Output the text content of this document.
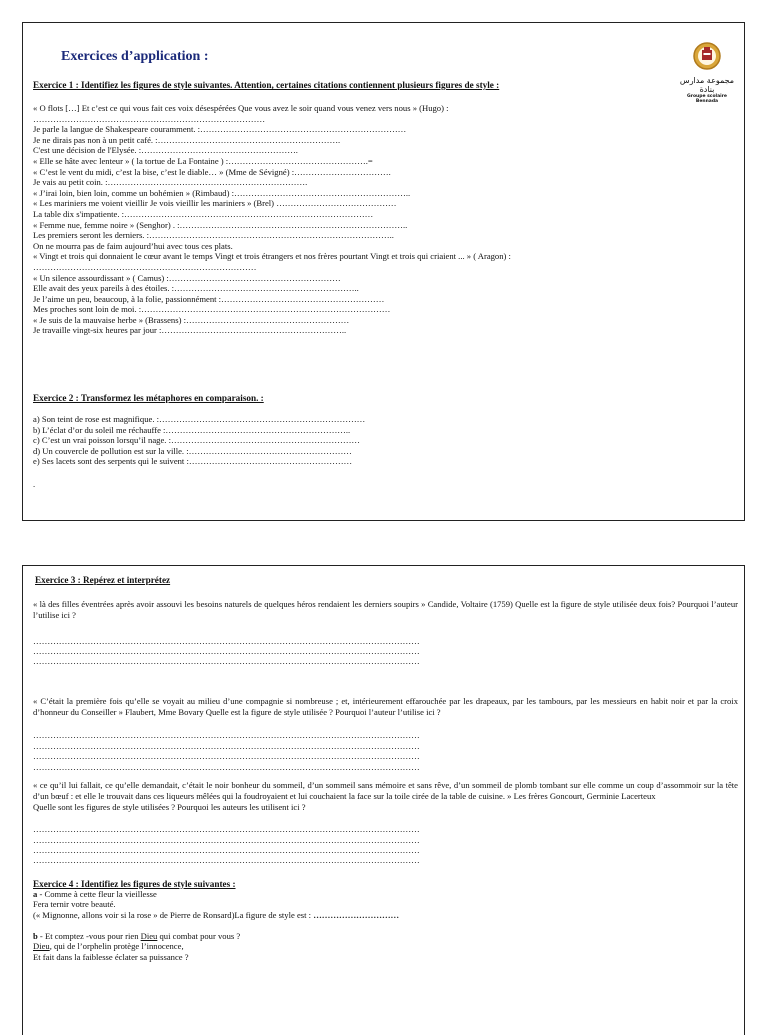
Exercices d’application :
مجموعة مدارس بنادة
Groupe scolaire Bennada
Exercice 1 : Identifiez les figures de style suivantes. Attention, certaines citations contiennent plusieurs figures de style :
« O flots […] Et c’est ce qui vous fait ces voix désespérées Que vous avez le soir quand vous venez vers nous » (Hugo) :
………………………………………………………………………
Je parle la langue de Shakespeare couramment. :………………………………………………………………
Je ne dirais pas non à un petit café. :……………………………………………………….
C'est une décision de l'Elysée. :……………………………………………….
« Elle se hâte avec lenteur » ( la tortue de La Fontaine ) :………………………………………….=
« C’est le vent du midi, c’est la bise, c’est le diable… » (Mme de Sévigné) :…………………………….
Je vais au petit coin. :…………………………………………………………….
« J’irai loin, bien loin, comme un bohémien » (Rimbaud) :……………………………………………………..
« Les mariniers me voient vieillir Je vois vieillir les mariniers » (Brel) ……………………………………
La table dix s'impatiente. :……………………………………………………………………………
« Femme nue, femme noire » (Senghor) . :……………………………………………………………………..
Les premiers seront les derniers. :…………………………………………………………………………..
On ne mourra pas de faim aujourd’hui avec tous ces plats.
« Vingt et trois qui donnaient le cœur avant le temps Vingt et trois étrangers et nos frères pourtant Vingt et trois qui criaient ... » ( Aragon) :
……………………………………………………………………
« Un silence assourdissant » ( Camus) :……………………………………………………
Elle avait des yeux pareils à des étoiles. :………………………………………………………..
Je l’aime un peu, beaucoup, à la folie, passionnément :…………………………………………………
Mes proches sont loin de moi. :……………………………………………………………………………
« Je suis de la mauvaise herbe » (Brassens) :…………………………………………………
Je travaille vingt-six heures par jour :………………………………………………………..
Exercice 2 : Transformez les métaphores en comparaison. :
a) Son teint de rose est magnifique. :………………………………………………………………
b) L’éclat d’or du soleil me réchauffe :………………………………………………………..
c) C’est un vrai poisson lorsqu’il nage. :…………………………………………………………
d) Un couvercle de pollution est sur la ville. :…………………………………………………
e) Ses lacets sont des serpents qui le suivent :…………………………………………………
.
Exercice 3 : Repérez et interprétez
« là des filles éventrées après avoir assouvi les besoins naturels de quelques héros rendaient les derniers soupirs » Candide, Voltaire (1759) Quelle est la figure de style utilisée deux fois? Pourquoi l’auteur l’utilise ici ?
………………………………………………………………………………………………………………………
………………………………………………………………………………………………………………………
………………………………………………………………………………………………………………………
« C’était la première fois qu’elle se voyait au milieu d’une compagnie si nombreuse ; et, intérieurement effarouchée par les drapeaux, par les tambours, par les messieurs en habit noir et par la croix d’honneur du Conseiller » Flaubert, Mme Bovary Quelle est la figure de style utilisée ? Pourquoi l’auteur l’utilise ici ?
………………………………………………………………………………………………………………………
………………………………………………………………………………………………………………………
………………………………………………………………………………………………………………………
………………………………………………………………………………………………………………………
« ce qu’il lui fallait, ce qu’elle demandait, c’était le noir bonheur du sommeil, d’un sommeil sans mémoire et sans rêve, d’un sommeil de plomb tombant sur elle comme un coup d’assommoir sur la tête d’un bœuf : et elle le trouvait dans ces liqueurs mêlées qui la foudroyaient et lui couchaient la face sur la toile cirée de la table de cuisine. » Les frères Goncourt, Germinie Lacerteux
Quelle sont les figures de style utilisées ? Pourquoi les auteurs les utilisent ici ?
………………………………………………………………………………………………………………………
………………………………………………………………………………………………………………………
………………………………………………………………………………………………………………………
………………………………………………………………………………………………………………………
Exercice 4 : Identifiez les figures de style suivantes :
a - Comme à cette fleur la vieillesse
Fera ternir votre beauté.
(« Mignonne, allons voir si la rose » de Pierre de Ronsard)La figure de style est : …………………………
b - Et comptez -vous pour rien Dieu qui combat pour vous ?
Dieu, qui de l’orphelin protège l’innocence,
Et fait dans la faiblesse éclater sa puissance ?
